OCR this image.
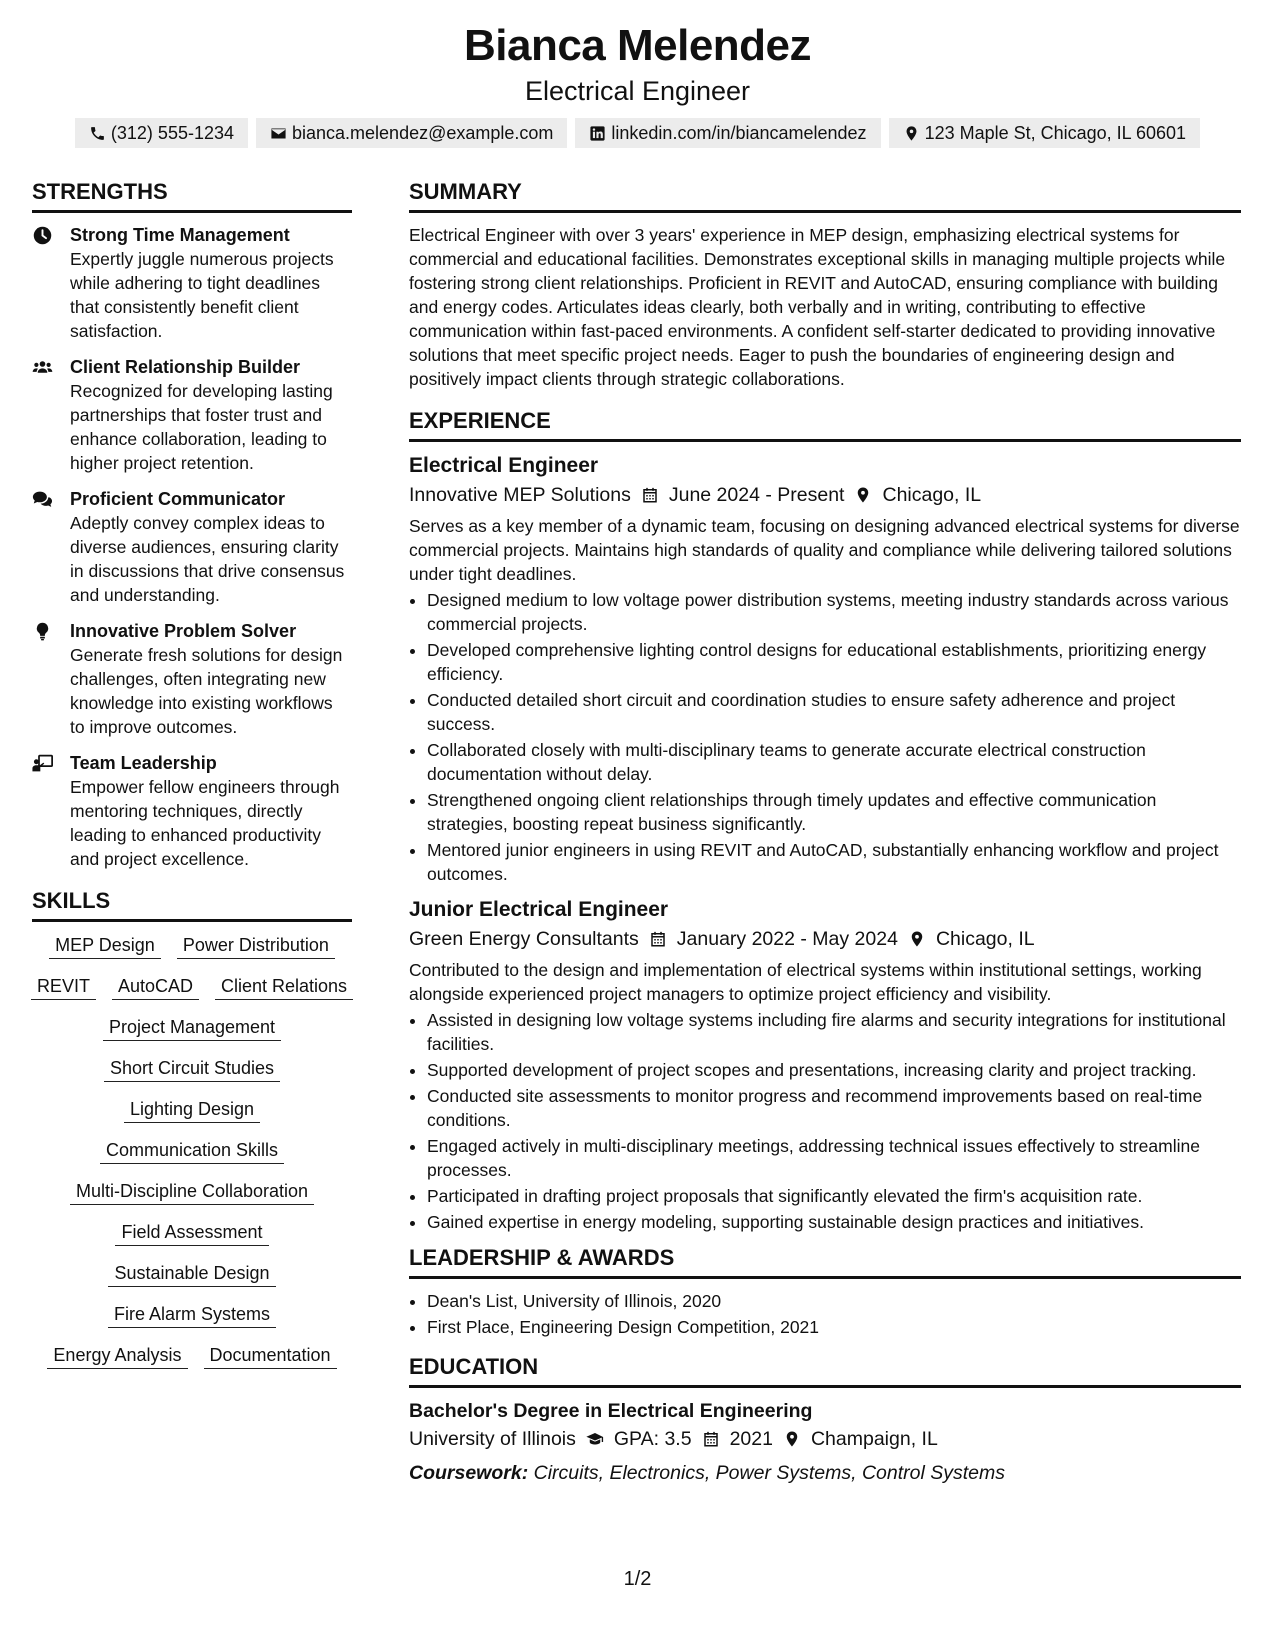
Bianca Melendez
Electrical Engineer
(312) 555-1234	bianca.melendez@example.com	linkedin.com/in/biancamelendez	123 Maple St, Chicago, IL 60601
STRENGTHS
Strong Time Management
Expertly juggle numerous projects while adhering to tight deadlines that consistently benefit client satisfaction.
Client Relationship Builder
Recognized for developing lasting partnerships that foster trust and enhance collaboration, leading to higher project retention.
Proficient Communicator
Adeptly convey complex ideas to diverse audiences, ensuring clarity in discussions that drive consensus and understanding.
Innovative Problem Solver
Generate fresh solutions for design challenges, often integrating new knowledge into existing workflows to improve outcomes.
Team Leadership
Empower fellow engineers through mentoring techniques, directly leading to enhanced productivity and project excellence.
SKILLS
MEP Design	Power Distribution
REVIT	AutoCAD	Client Relations
Project Management
Short Circuit Studies
Lighting Design
Communication Skills
Multi-Discipline Collaboration
Field Assessment
Sustainable Design
Fire Alarm Systems
Energy Analysis	Documentation
SUMMARY
Electrical Engineer with over 3 years' experience in MEP design, emphasizing electrical systems for commercial and educational facilities. Demonstrates exceptional skills in managing multiple projects while fostering strong client relationships. Proficient in REVIT and AutoCAD, ensuring compliance with building and energy codes. Articulates ideas clearly, both verbally and in writing, contributing to effective communication within fast-paced environments. A confident self-starter dedicated to providing innovative solutions that meet specific project needs. Eager to push the boundaries of engineering design and positively impact clients through strategic collaborations.
EXPERIENCE
Electrical Engineer
Innovative MEP Solutions June 2024 - Present Chicago, IL
Serves as a key member of a dynamic team, focusing on designing advanced electrical systems for diverse commercial projects. Maintains high standards of quality and compliance while delivering tailored solutions under tight deadlines.
• Designed medium to low voltage power distribution systems, meeting industry standards across various commercial projects.
• Developed comprehensive lighting control designs for educational establishments, prioritizing energy efficiency.
• Conducted detailed short circuit and coordination studies to ensure safety adherence and project success.
• Collaborated closely with multi-disciplinary teams to generate accurate electrical construction documentation without delay.
• Strengthened ongoing client relationships through timely updates and effective communication strategies, boosting repeat business significantly.
• Mentored junior engineers in using REVIT and AutoCAD, substantially enhancing workflow and project outcomes.
Junior Electrical Engineer
Green Energy Consultants January 2022 - May 2024 Chicago, IL
Contributed to the design and implementation of electrical systems within institutional settings, working alongside experienced project managers to optimize project efficiency and visibility.
• Assisted in designing low voltage systems including fire alarms and security integrations for institutional facilities.
• Supported development of project scopes and presentations, increasing clarity and project tracking.
• Conducted site assessments to monitor progress and recommend improvements based on real-time conditions.
• Engaged actively in multi-disciplinary meetings, addressing technical issues effectively to streamline processes.
• Participated in drafting project proposals that significantly elevated the firm's acquisition rate.
• Gained expertise in energy modeling, supporting sustainable design practices and initiatives.
LEADERSHIP & AWARDS
• Dean's List, University of Illinois, 2020
• First Place, Engineering Design Competition, 2021
EDUCATION
Bachelor's Degree in Electrical Engineering
University of Illinois GPA: 3.5 2021 Champaign, IL
Coursework: Circuits, Electronics, Power Systems, Control Systems
1/2
